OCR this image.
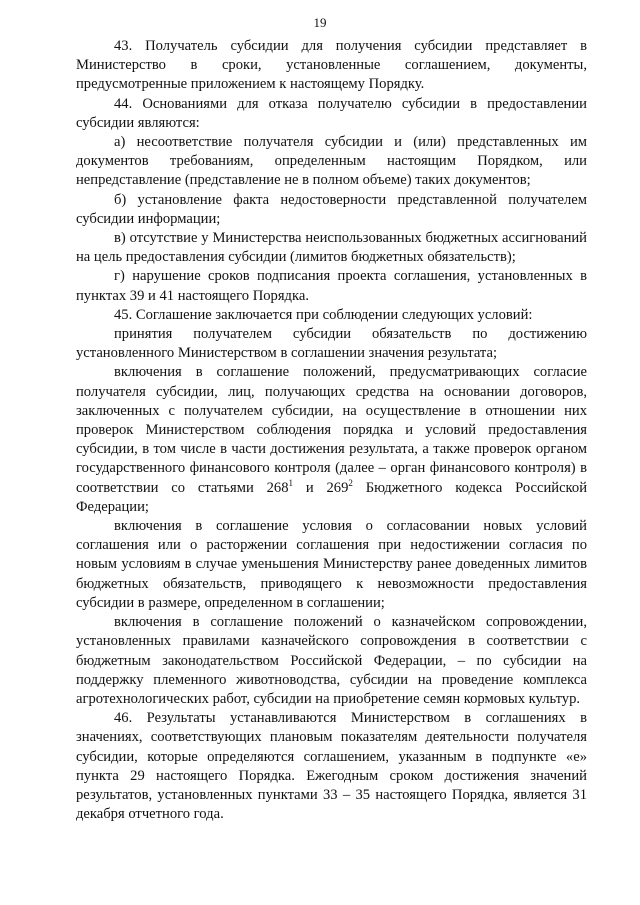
19

43. Получатель субсидии для получения субсидии представляет в Министерство в сроки, установленные соглашением, документы, предусмотренные приложением к настоящему Порядку.

44. Основаниями для отказа получателю субсидии в предоставлении субсидии являются:

а) несоответствие получателя субсидии и (или) представленных им документов требованиям, определенным настоящим Порядком, или непредставление (представление не в полном объеме) таких документов;

б) установление факта недостоверности представленной получателем субсидии информации;

в) отсутствие у Министерства неиспользованных бюджетных ассигнований на цель предоставления субсидии (лимитов бюджетных обязательств);

г) нарушение сроков подписания проекта соглашения, установленных в пунктах 39 и 41 настоящего Порядка.

45. Соглашение заключается при соблюдении следующих условий:

принятия получателем субсидии обязательств по достижению установленного Министерством в соглашении значения результата;

включения в соглашение положений, предусматривающих согласие получателя субсидии, лиц, получающих средства на основании договоров, заключенных с получателем субсидии, на осуществление в отношении них проверок Министерством соблюдения порядка и условий предоставления субсидии, в том числе в части достижения результата, а также проверок органом государственного финансового контроля (далее – орган финансового контроля) в соответствии со статьями $268^1$ и $269^2$ Бюджетного кодекса Российской Федерации;

включения в соглашение условия о согласовании новых условий соглашения или о расторжении соглашения при недостижении согласия по новым условиям в случае уменьшения Министерству ранее доведенных лимитов бюджетных обязательств, приводящего к невозможности предоставления субсидии в размере, определенном в соглашении;

включения в соглашение положений о казначейском сопровождении, установленных правилами казначейского сопровождения в соответствии с бюджетным законодательством Российской Федерации, – по субсидии на поддержку племенного животноводства, субсидии на проведение комплекса агротехнологических работ, субсидии на приобретение семян кормовых культур.

46. Результаты устанавливаются Министерством в соглашениях в значениях, соответствующих плановым показателям деятельности получателя субсидии, которые определяются соглашением, указанным в подпункте «е» пункта 29 настоящего Порядка. Ежегодным сроком достижения значений результатов, установленных пунктами 33 – 35 настоящего Порядка, является 31 декабря отчетного года.
